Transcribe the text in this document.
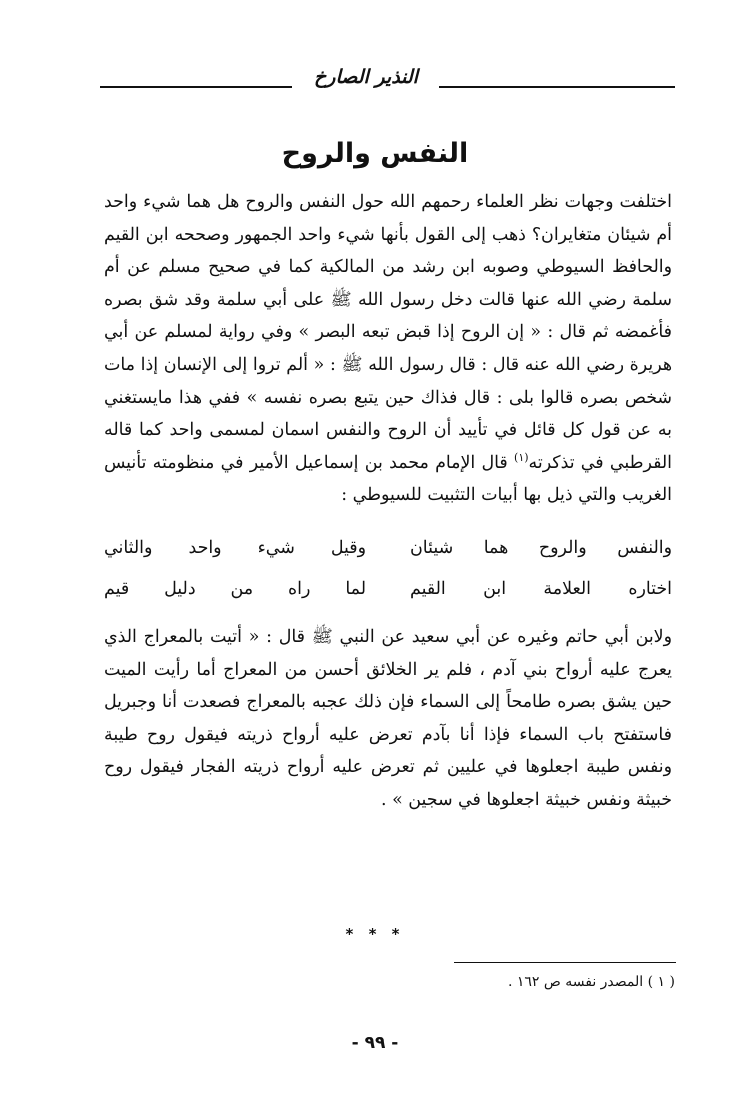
النذير الصارخ
النفس والروح

اختلفت وجهات نظر العلماء رحمهم الله حول النفس والروح هل هما شيء واحد أم شيئان متغايران؟ ذهب إلى القول بأنها شيء واحد الجمهور وصححه ابن القيم والحافظ السيوطي وصوبه ابن رشد من المالكية كما في صحيح مسلم عن أم سلمة رضي الله عنها قالت دخل رسول الله ﷺ على أبي سلمة وقد شق بصره فأغمضه ثم قال : « إن الروح إذا قبض تبعه البصر » وفي رواية لمسلم عن أبي هريرة رضي الله عنه قال : قال رسول الله ﷺ : « ألم تروا إلى الإنسان إذا مات شخص بصره قالوا بلى : قال فذاك حين يتبع بصره نفسه » ففي هذا مايستغني به عن قول كل قائل في تأييد أن الروح والنفس اسمان لمسمى واحد كما قاله القرطبي في تذكرته$^{(١)}$ قال الإمام محمد بن إسماعيل الأمير في منظومته تأنيس الغريب والتي ذيل بها أبيات التثبيت للسيوطي :

والنفس والروح هما شيئان
وقيل شيء واحد والثاني
اختاره العلامة ابن القيم
لما راه من دليل قيم

ولابن أبي حاتم وغيره عن أبي سعيد عن النبي ﷺ قال : « أتيت بالمعراج الذي يعرج عليه أرواح بني آدم ، فلم ير الخلائق أحسن من المعراج أما رأيت الميت حين يشق بصره طامحاً إلى السماء فإن ذلك عجبه بالمعراج فصعدت أنا وجبريل فاستفتح باب السماء فإذا أنا بآدم تعرض عليه أرواح ذريته فيقول روح طيبة ونفس طيبة اجعلوها في عليين ثم تعرض عليه أرواح ذريته الفجار فيقول روح خبيثة ونفس خبيثة اجعلوها في سجين » .

* * *
( ١ ) المصدر نفسه ص ١٦٢ .
- ٩٩ -
